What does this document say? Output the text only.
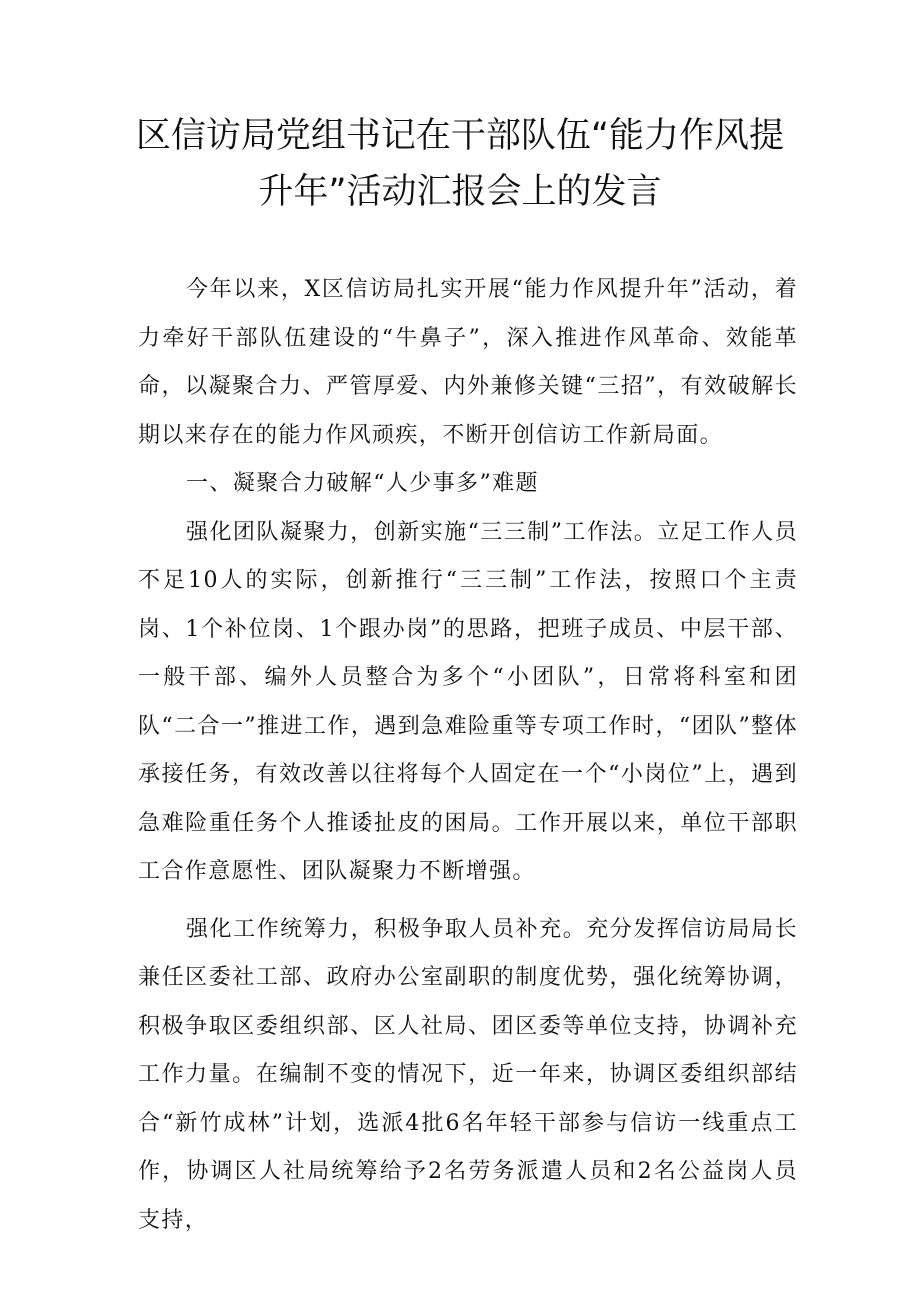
区信访局党组书记在干部队伍“能力作风提
升年”活动汇报会上的发言

今年以来，X区信访局扎实开展“能力作风提升年”活动，着力牵好干部队伍建设的“牛鼻子”，深入推进作风革命、效能革命，以凝聚合力、严管厚爱、内外兼修关键“三招”，有效破解长期以来存在的能力作风顽疾，不断开创信访工作新局面。

一、凝聚合力破解“人少事多”难题

强化团队凝聚力，创新实施“三三制”工作法。立足工作人员不足10人的实际，创新推行“三三制”工作法，按照口个主责岗、1个补位岗、1个跟办岗”的思路，把班子成员、中层干部、一般干部、编外人员整合为多个“小团队”，日常将科室和团队“二合一”推进工作，遇到急难险重等专项工作时，“团队”整体承接任务，有效改善以往将每个人固定在一个“小岗位”上，遇到急难险重任务个人推诿扯皮的困局。工作开展以来，单位干部职工合作意愿性、团队凝聚力不断增强。

强化工作统筹力，积极争取人员补充。充分发挥信访局局长兼任区委社工部、政府办公室副职的制度优势，强化统筹协调，积极争取区委组织部、区人社局、团区委等单位支持，协调补充工作力量。在编制不变的情况下，近一年来，协调区委组织部结合“新竹成林”计划，选派4批6名年轻干部参与信访一线重点工作，协调区人社局统筹给予2名劳务派遣人员和2名公益岗人员支持，
